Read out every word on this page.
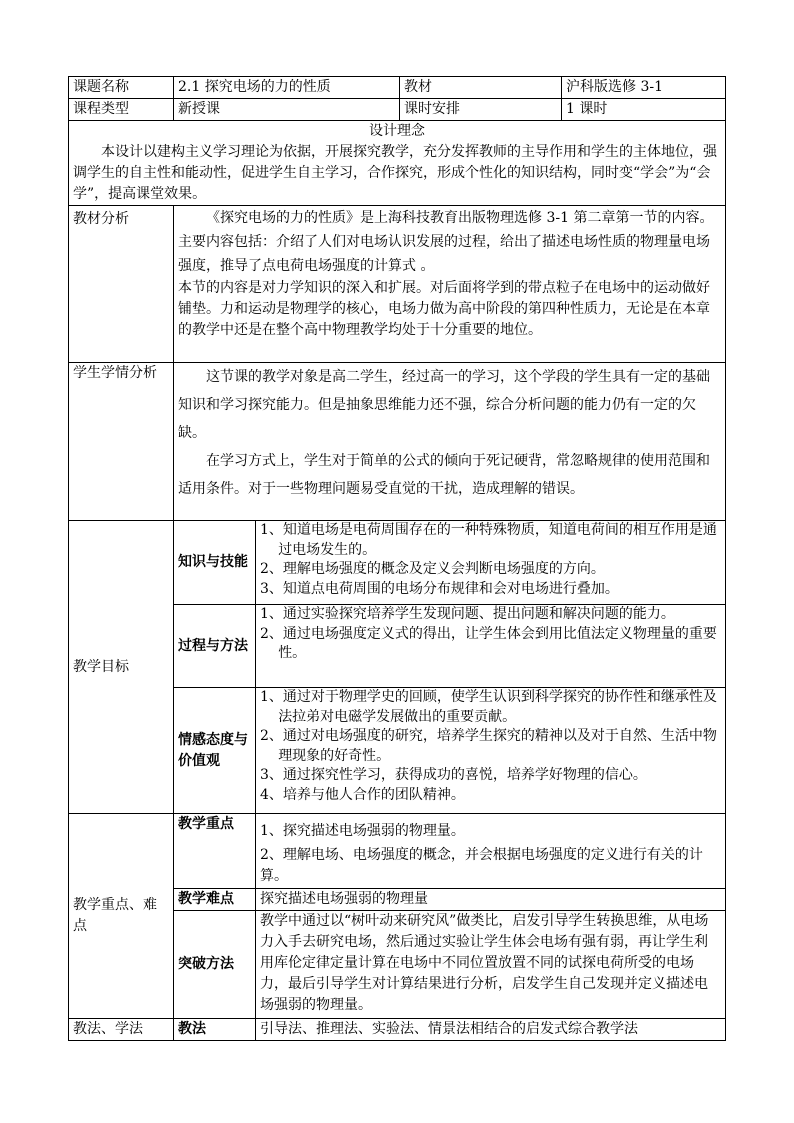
课题名称	2.1 探究电场的力的性质		教材	沪科版选修 3-1
课程类型	新授课		课时安排	1 课时

设计理念
本设计以建构主义学习理论为依据，开展探究教学，充分发挥教师的主导作用和学生的主体地位，强调学生的自主性和能动性，促进学生自主学习，合作探究，形成个性化的知识结构，同时变“学会”为“会学”，提高课堂效果。				

教材分析	《探究电场的力的性质》是上海科技教育出版物理选修 3-1 第二章第一节的内容。主要内容包括：介绍了人们对电场认识发展的过程，给出了描述电场性质的物理量电场强度，推导了点电荷电场强度的计算式 。

本节的内容是对力学知识的深入和扩展。对后面将学到的带点粒子在电场中的运动做好铺垫。力和运动是物理学的核心，电场力做为高中阶段的第四种性质力，无论是在本章的教学中还是在整个高中物理教学均处于十分重要的地位。			

学生学情分析	这节课的教学对象是高二学生，经过高一的学习，这个学段的学生具有一定的基础知识和学习探究能力。但是抽象思维能力还不强，综合分析问题的能力仍有一定的欠缺。

在学习方式上，学生对于简单的公式的倾向于死记硬背，常忽略规律的使用范围和适用条件。对于一些物理问题易受直觉的干扰，造成理解的错误。			

教学目标	知识与技能	1、知道电场是电荷周围存在的一种特殊物质，知道电荷间的相互作用是通过电场发生的。
2、理解电场强度的概念及定义会判断电场强度的方向。
3、知道点电荷周围的电场分布规律和会对电场进行叠加。		

	过程与方法	1、通过实验探究培养学生发现问题、提出问题和解决问题的能力。
2、通过电场强度定义式的得出，让学生体会到用比值法定义物理量的重要性。		

	情感态度与价值观	1、通过对于物理学史的回顾，使学生认识到科学探究的协作性和继承性及法拉弟对电磁学发展做出的重要贡献。
2、通过对电场强度的研究，培养学生探究的精神以及对于自然、生活中物理现象的好奇性。
3、通过探究性学习，获得成功的喜悦，培养学好物理的信心。
4、培养与他人合作的团队精神。		

教学重点、难点	教学重点	1、探究描述电场强弱的物理量。
2、理解电场、电场强度的概念，并会根据电场强度的定义进行有关的计算。		

	教学难点	探究描述电场强弱的物理量		
	突破方法	教学中通过以“树叶动来研究风”做类比，启发引导学生转换思维，从电场力入手去研究电场，然后通过实验让学生体会电场有强有弱，再让学生利用库伦定律定量计算在电场中不同位置放置不同的试探电荷所受的电场力，最后引导学生对计算结果进行分析，启发学生自己发现并定义描述电场强弱的物理量。		
教法、学法	教法	引导法、推理法、实验法、情景法相结合的启发式综合教学法		
